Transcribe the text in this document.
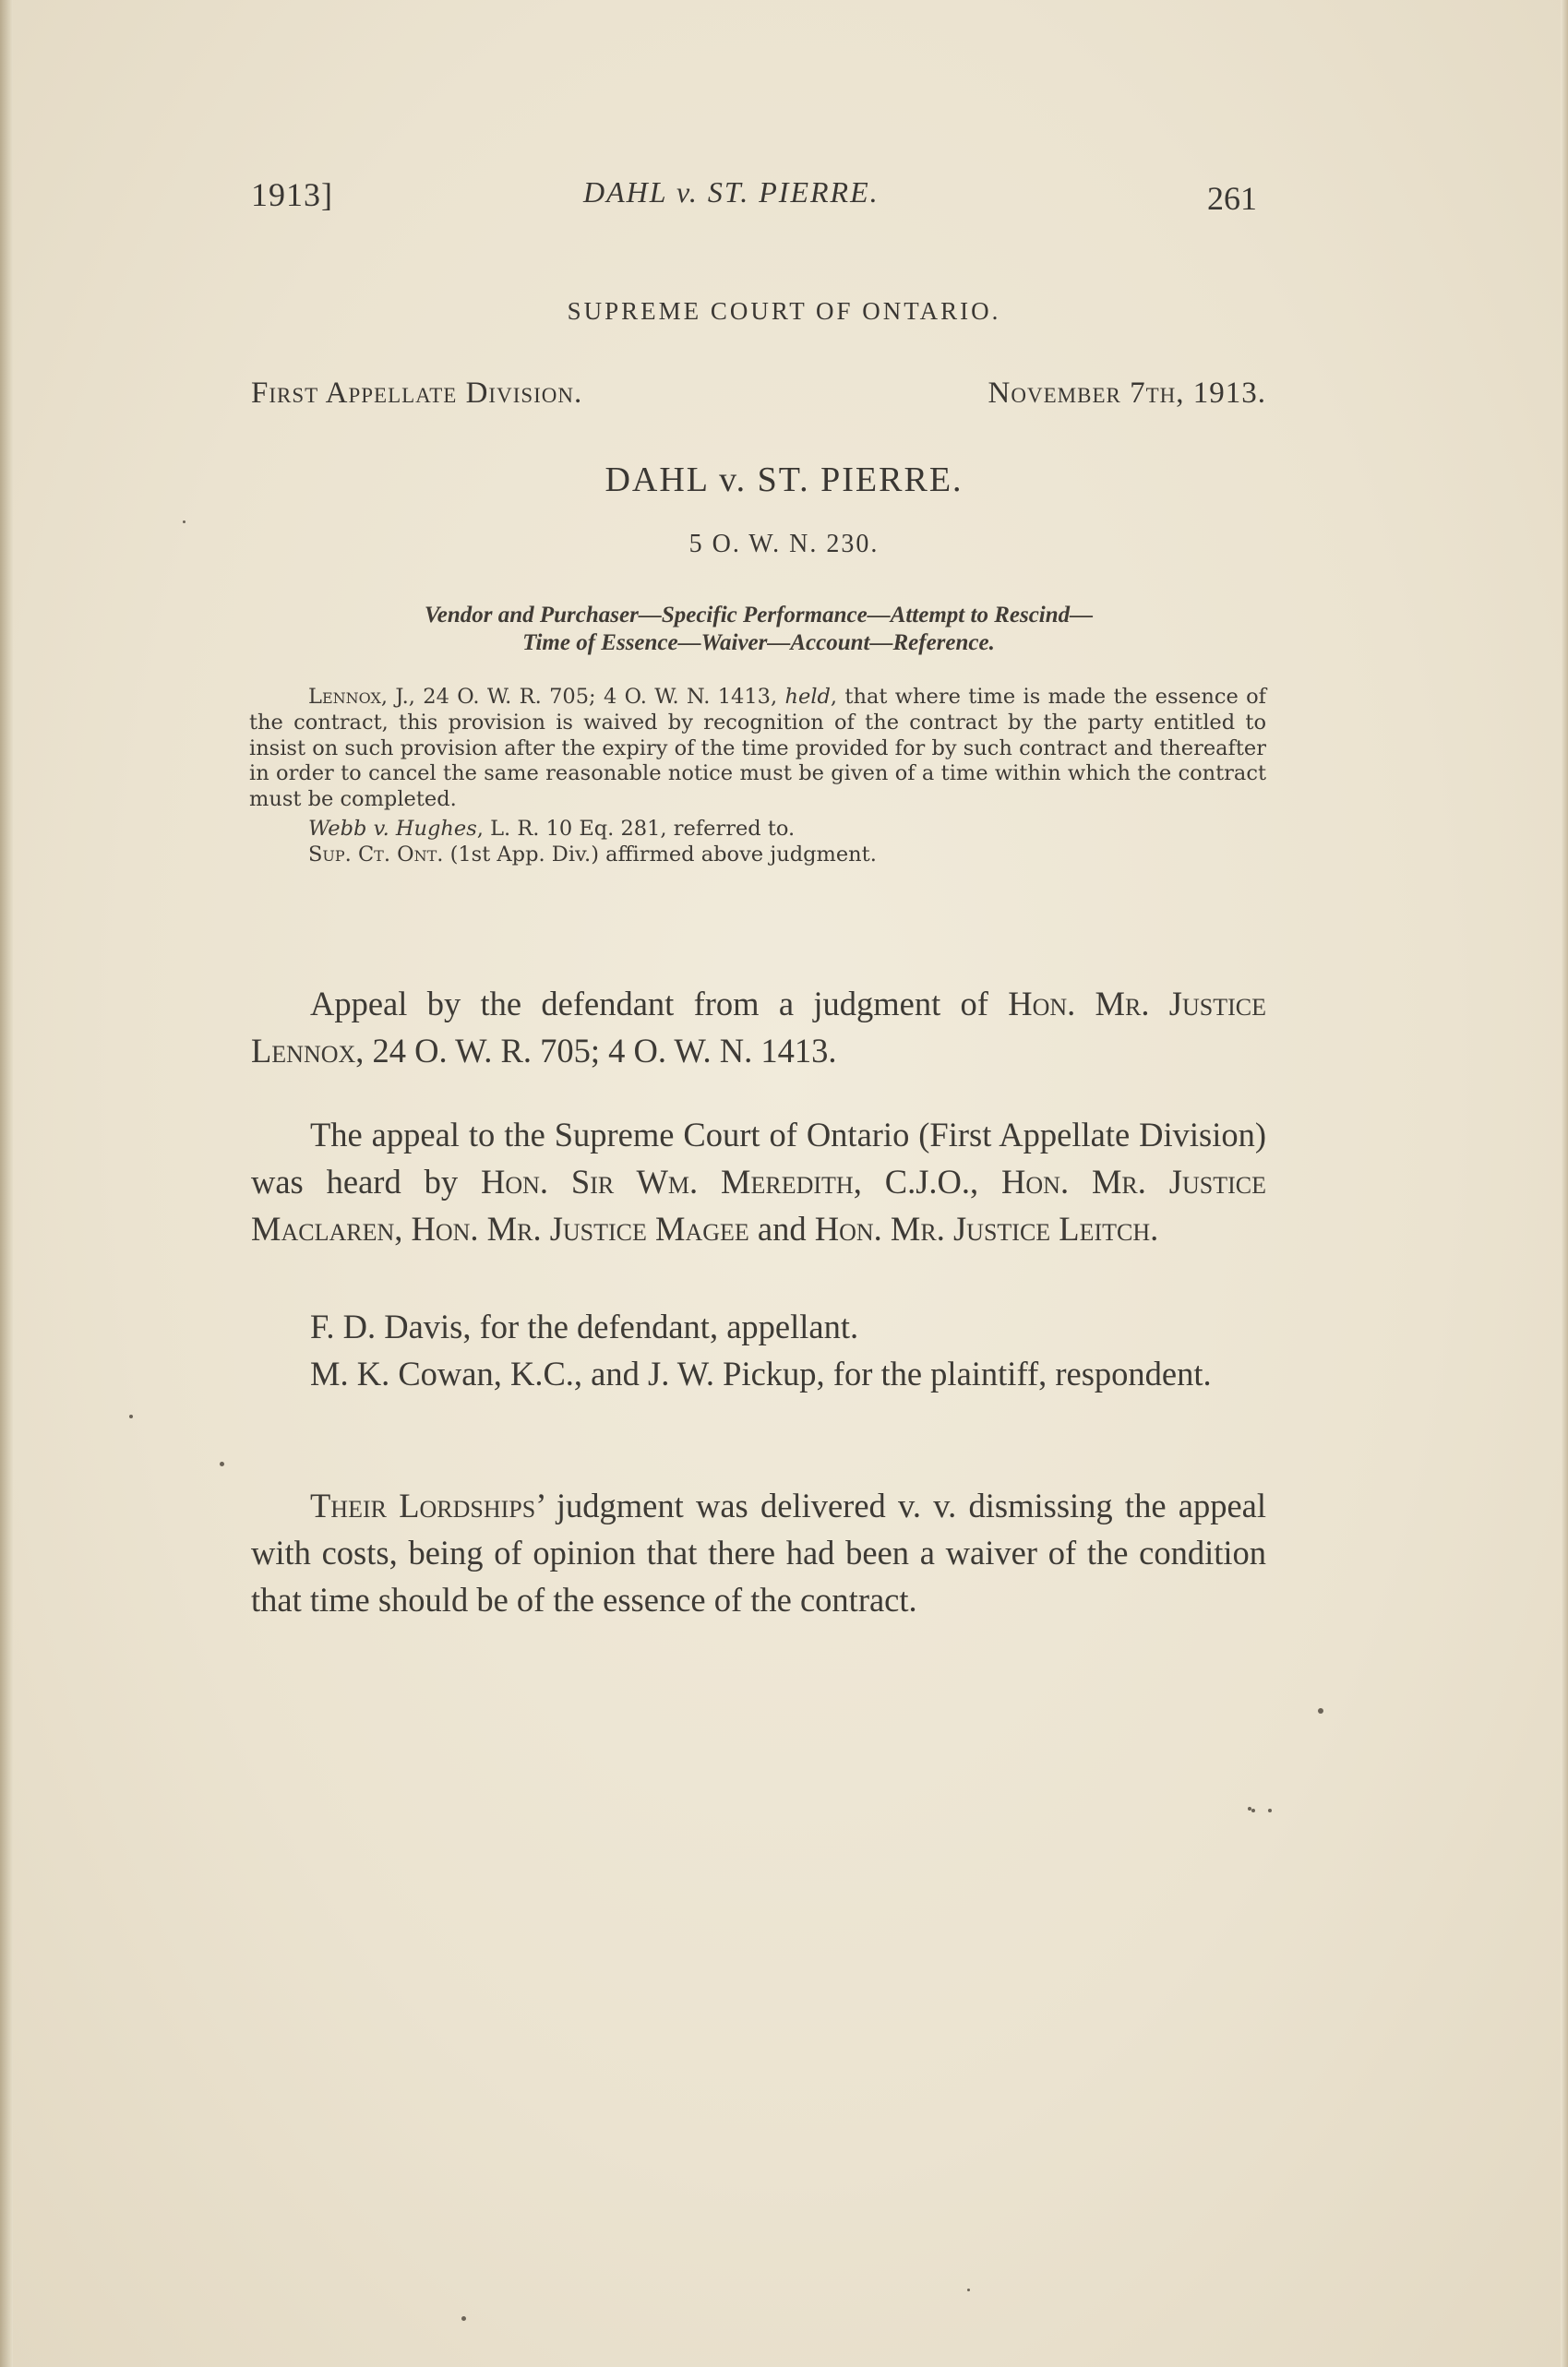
1913]	DAHL v. ST. PIERRE.	261
SUPREME COURT OF ONTARIO.
First Appellate Division.	November 7th, 1913.
DAHL v. ST. PIERRE.
5 O. W. N. 230.
Vendor and Purchaser—Specific Performance—Attempt to Rescind—
Time of Essence—Waiver—Account—Reference.

Lennox, J., 24 O. W. R. 705; 4 O. W. N. 1413, held, that where time is made the essence of the contract, this provision is waived by recognition of the contract by the party entitled to insist on such provision after the expiry of the time provided for by such contract and thereafter in order to cancel the same reasonable notice must be given of a time within which the contract must be completed.

Webb v. Hughes, L. R. 10 Eq. 281, referred to.

Sup. Ct. Ont. (1st App. Div.) affirmed above judgment.

Appeal by the defendant from a judgment of Hon. Mr. Justice Lennox, 24 O. W. R. 705; 4 O. W. N. 1413.

The appeal to the Supreme Court of Ontario (First Appellate Division) was heard by Hon. Sir Wm. Meredith, C.J.O., Hon. Mr. Justice Maclaren, Hon. Mr. Justice Magee and Hon. Mr. Justice Leitch.

F. D. Davis, for the defendant, appellant.

M. K. Cowan, K.C., and J. W. Pickup, for the plaintiff, respondent.

Their Lordships’ judgment was delivered v. v. dismissing the appeal with costs, being of opinion that there had been a waiver of the condition that time should be of the essence of the contract.
